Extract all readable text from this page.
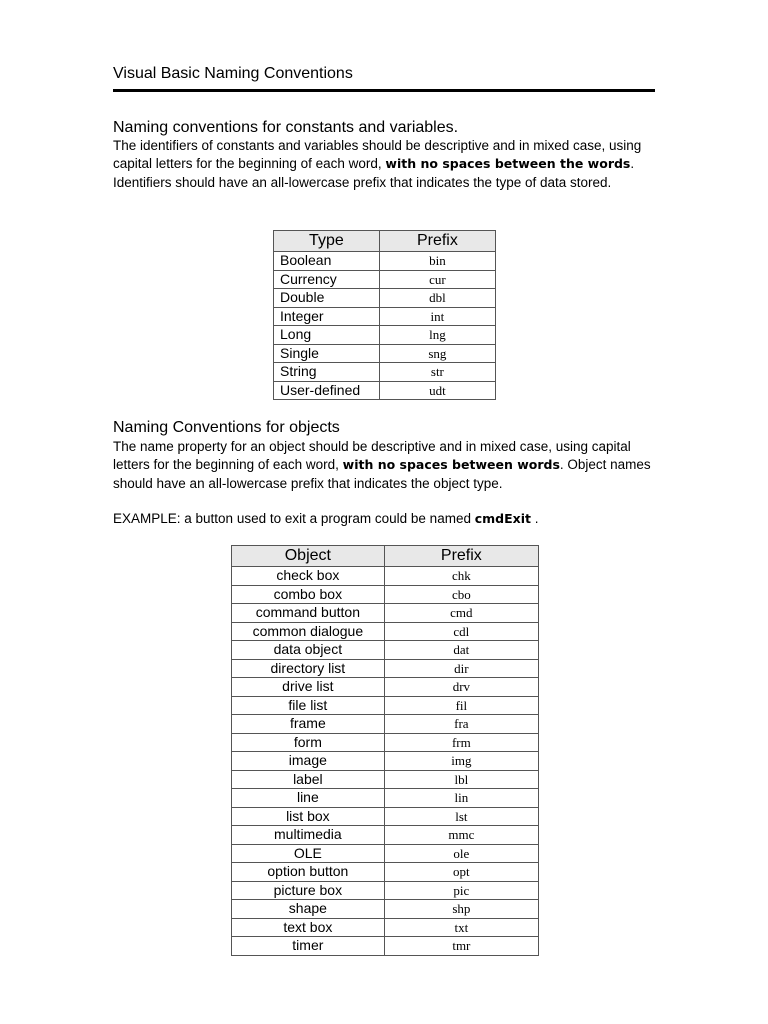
Visual Basic Naming Conventions
Naming conventions for constants and variables.
The identifiers of constants and variables should be descriptive and in mixed case, using capital letters for the beginning of each word, with no spaces between the words. Identifiers should have an all-lowercase prefix that indicates the type of data stored.
Type	Prefix
Boolean	bin
Currency	cur
Double	dbl
Integer	int
Long	lng
Single	sng
String	str
User-defined	udt
Naming Conventions for objects
The name property for an object should be descriptive and in mixed case, using capital letters for the beginning of each word, with no spaces between words. Object names should have an all-lowercase prefix that indicates the object type.
EXAMPLE: a button used to exit a program could be named cmdExit .
Object	Prefix
check box	chk
combo box	cbo
command button	cmd
common dialogue	cdl
data object	dat
directory list	dir
drive list	drv
file list	fil
frame	fra
form	frm
image	img
label	lbl
line	lin
list box	lst
multimedia	mmc
OLE	ole
option button	opt
picture box	pic
shape	shp
text box	txt
timer	tmr
